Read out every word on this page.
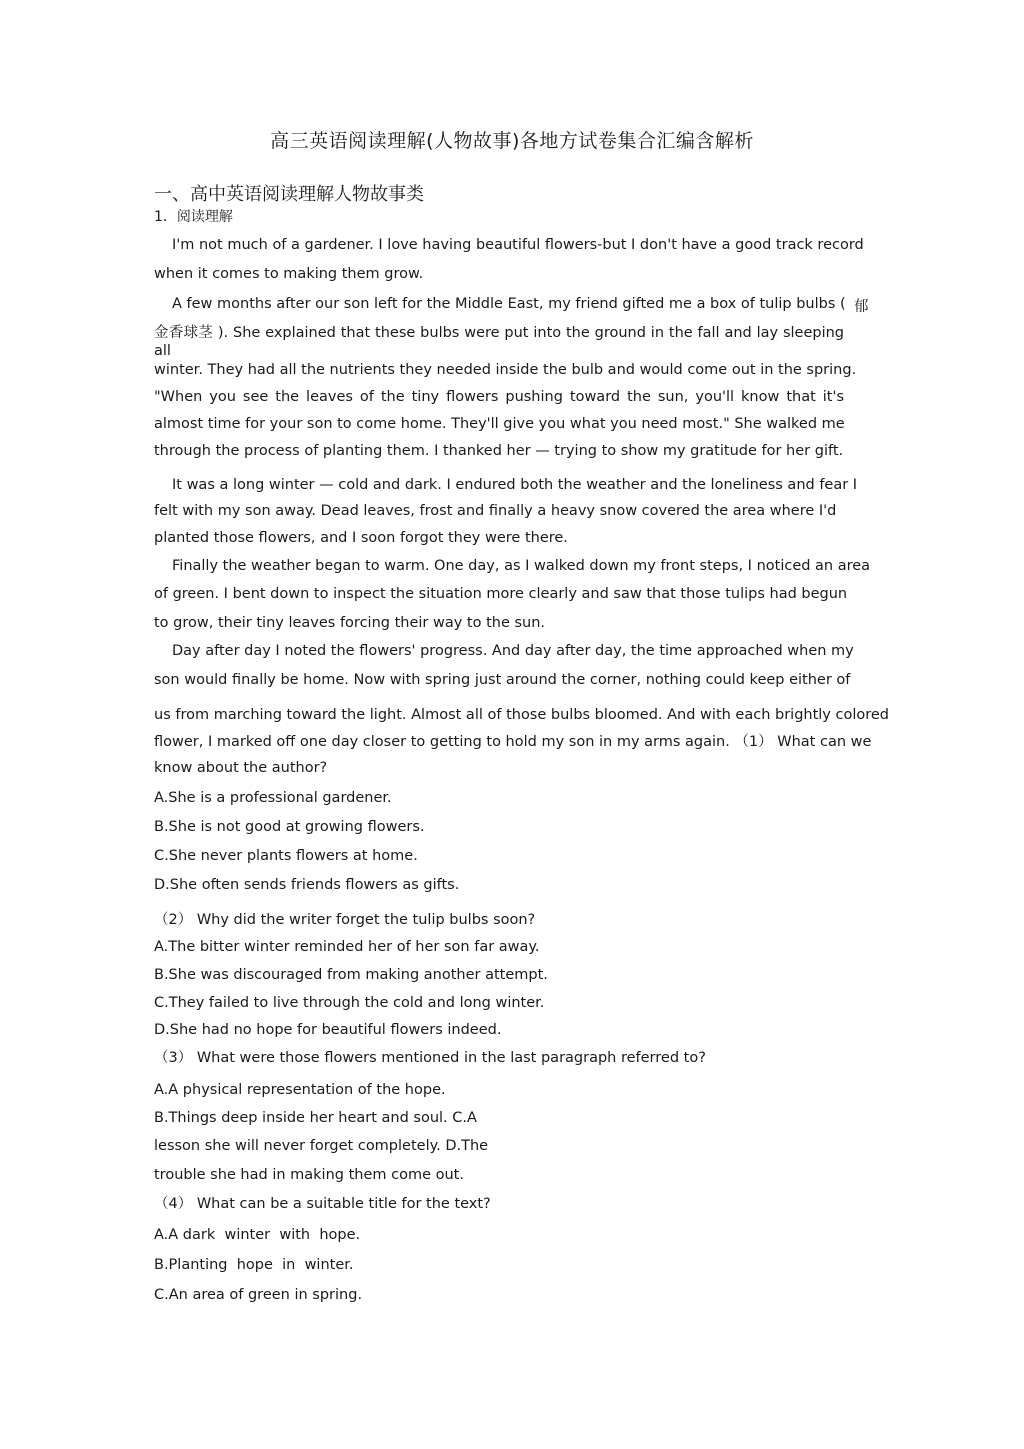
高三英语阅读理解(人物故事)各地方试卷集合汇编含解析
一、高中英语阅读理解人物故事类
1．阅读理解
I'm not much of a gardener. I love having beautiful flowers-but I don't have a good track record
when it comes to making them grow.
A few months after our son left for the Middle East, my friend gifted me a box of tulip bulbs ( 郁
金香球茎 ). She explained that these bulbs were put into the ground in the fall and lay sleeping all
winter. They had all the nutrients they needed inside the bulb and would come out in the spring.
"When you see the leaves of the tiny flowers pushing toward the sun, you'll know that it's
almost time for your son to come home. They'll give you what you need most." She walked me
through the process of planting them. I thanked her — trying to show my gratitude for her gift.
It was a long winter — cold and dark. I endured both the weather and the loneliness and fear I
felt with my son away. Dead leaves, frost and finally a heavy snow covered the area where I'd
planted those flowers, and I soon forgot they were there.
Finally the weather began to warm. One day, as I walked down my front steps, I noticed an area
of green. I bent down to inspect the situation more clearly and saw that those tulips had begun
to grow, their tiny leaves forcing their way to the sun.
Day after day I noted the flowers' progress. And day after day, the time approached when my
son would finally be home. Now with spring just around the corner, nothing could keep either of
us from marching toward the light. Almost all of those bulbs bloomed. And with each brightly colored
flower, I marked off one day closer to getting to hold my son in my arms again. （1） What can we
know about the author?
A.She is a professional gardener.
B.She is not good at growing flowers.
C.She never plants flowers at home.
D.She often sends friends flowers as gifts.
（2） Why did the writer forget the tulip bulbs soon?
A.The bitter winter reminded her of her son far away.
B.She was discouraged from making another attempt.
C.They failed to live through the cold and long winter.
D.She had no hope for beautiful flowers indeed.
（3） What were those flowers mentioned in the last paragraph referred to?
A.A physical representation of the hope.
B.Things deep inside her heart and soul. C.A
lesson she will never forget completely. D.The
trouble she had in making them come out.
（4） What can be a suitable title for the text?
A.A dark  winter  with  hope.
B.Planting  hope  in  winter.
C.An area of green in spring.
